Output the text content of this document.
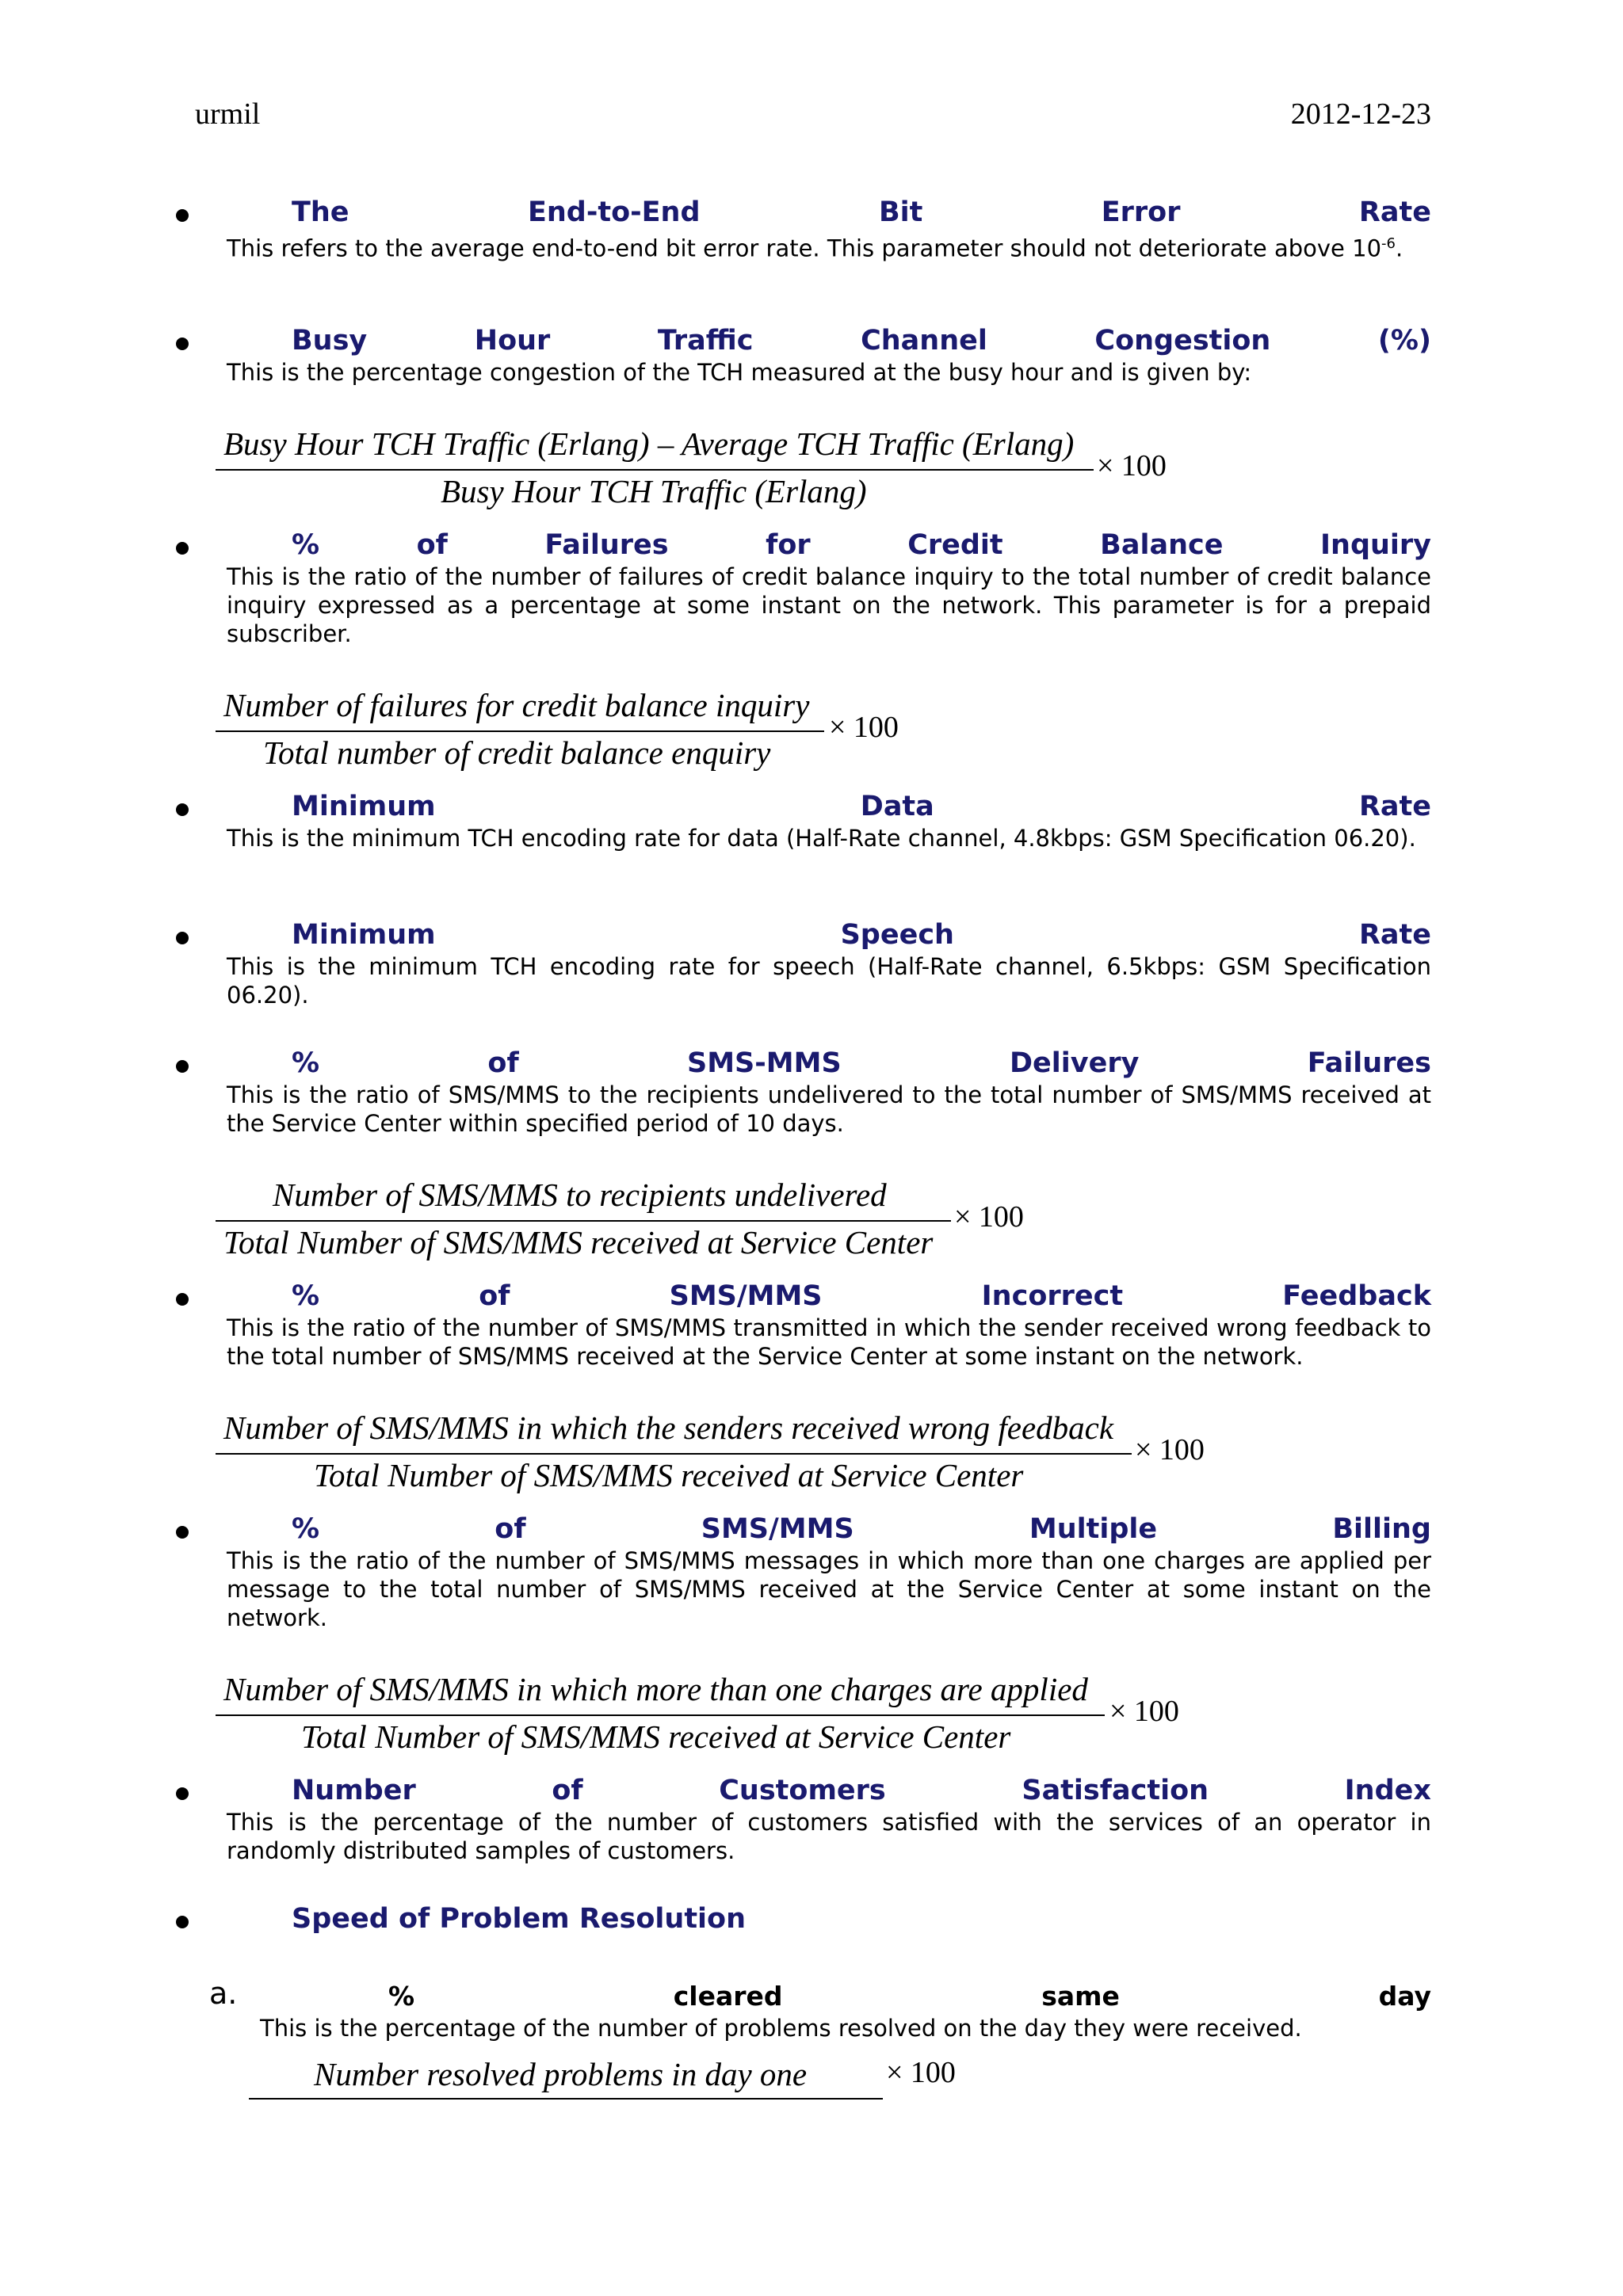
urmil	2012-12-23
The	End-to-End	Bit	Error	Rate
This refers to the average end-to-end bit error rate. This parameter should not deteriorate above $10^{-6}$.
Busy	Hour	Traffic	Channel	Congestion	(%)
This is the percentage congestion of the TCH measured at the busy hour and is given by:
Busy Hour TCH Traffic (Erlang) – Average TCH Traffic (Erlang)
Busy Hour TCH Traffic (Erlang)
× 100
%	of	Failures	for	Credit	Balance	Inquiry
This is the ratio of the number of failures of credit balance inquiry to the total number of credit balance inquiry expressed as a percentage at some instant on the network. This parameter is for a prepaid subscriber.
Number of failures for credit balance inquiry
Total number of credit balance enquiry
× 100
Minimum	Data	Rate
This is the minimum TCH encoding rate for data (Half-Rate channel, 4.8kbps: GSM Specification 06.20).
Minimum	Speech	Rate
This is the minimum TCH encoding rate for speech (Half-Rate channel, 6.5kbps: GSM Specification 06.20).
%	of	SMS-MMS	Delivery	Failures
This is the ratio of SMS/MMS to the recipients undelivered to the total number of SMS/MMS received at the Service Center within specified period of 10 days.
Number of SMS/MMS to recipients undelivered
Total Number of SMS/MMS received at Service Center
× 100
%	of	SMS/MMS	Incorrect	Feedback
This is the ratio of the number of SMS/MMS transmitted in which the sender received wrong feedback to the total number of SMS/MMS received at the Service Center at some instant on the network.
Number of SMS/MMS in which the senders received wrong feedback
Total Number of SMS/MMS received at Service Center
× 100
%	of	SMS/MMS	Multiple	Billing
This is the ratio of the number of SMS/MMS messages in which more than one charges are applied per message to the total number of SMS/MMS received at the Service Center at some instant on the network.
Number of SMS/MMS in which more than one charges are applied
Total Number of SMS/MMS received at Service Center
× 100
Number	of	Customers	Satisfaction	Index
This is the percentage of the number of customers satisfied with the services of an operator in randomly distributed samples of customers.
Speed of Problem Resolution
a.	%	cleared	same	day
This is the percentage of the number of problems resolved on the day they were received.
Number resolved problems in day one	× 100
